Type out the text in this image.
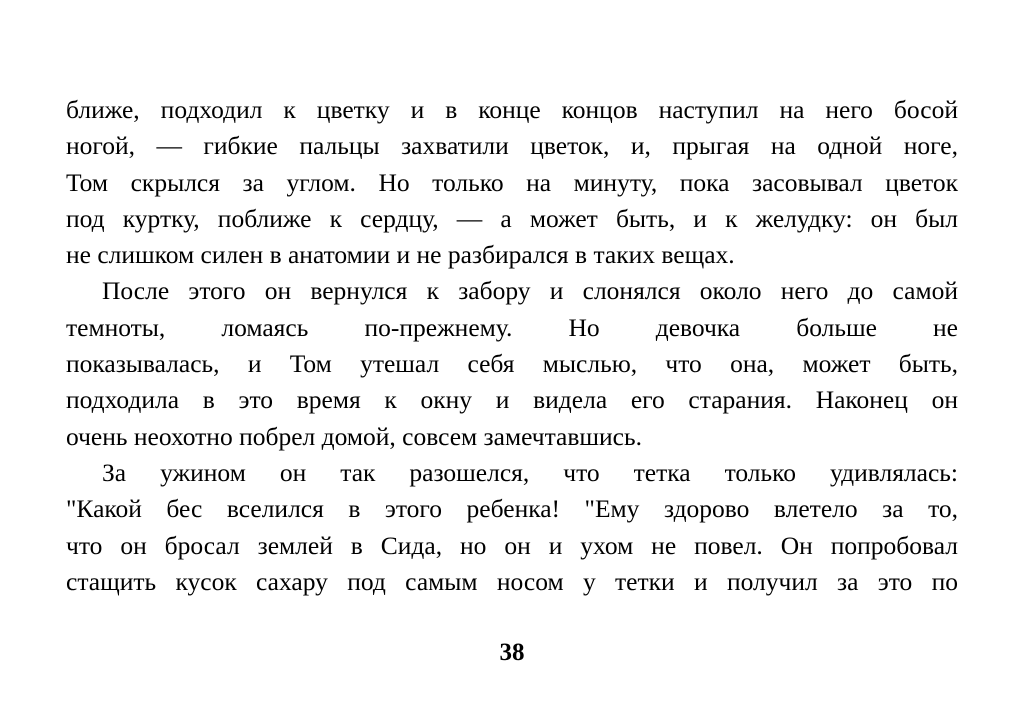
ближе, подходил к цветку и в конце концов наступил на него босой
ногой, — гибкие пальцы захватили цветок, и, прыгая на одной ноге,
Том скрылся за углом. Но только на минуту, пока засовывал цветок
под куртку, поближе к сердцу, — а может быть, и к желудку: он был
не слишком силен в анатомии и не разбирался в таких вещах.
После этого он вернулся к забору и слонялся около него до самой
темноты, ломаясь по-прежнему. Но девочка больше не
показывалась, и Том утешал себя мыслью, что она, может быть,
подходила в это время к окну и видела его старания. Наконец он
очень неохотно побрел домой, совсем замечтавшись.
За ужином он так разошелся, что тетка только удивлялась:
"Какой бес вселился в этого ребенка! "Ему здорово влетело за то,
что он бросал землей в Сида, но он и ухом не повел. Он попробовал
стащить кусок сахару под самым носом у тетки и получил за это по
38
